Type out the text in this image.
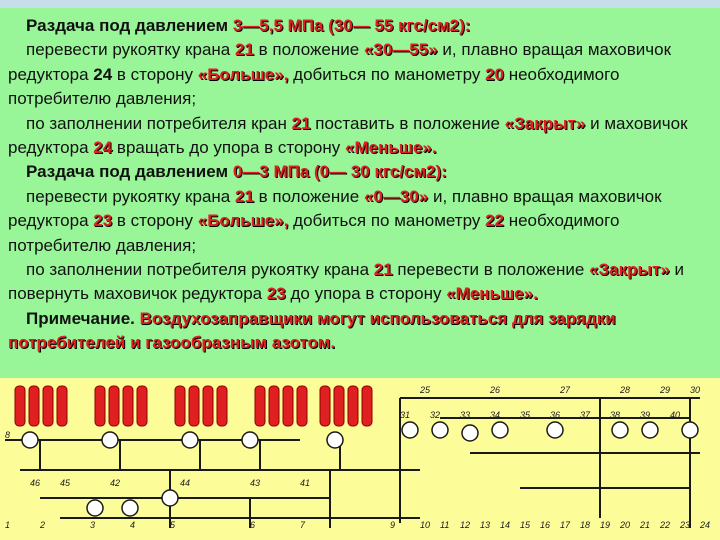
Раздача под давлением 3—5,5 МПа (30— 55 кгс/см2):

перевести рукоятку крана 21 в положение «30—55» и, плавно вращая маховичок редуктора 24 в сторону «Больше», добиться по манометру 20 необходимого потребителю давления;

по заполнении потребителя кран 21 поставить в положение «Закрыт» и маховичок редуктора 24 вращать до упора в сторону «Меньше».

Раздача под давлением 0—3 МПа (0— 30 кгс/см2):

перевести рукоятку крана 21 в положение «0—30» и, плавно вращая маховичок редуктора 23 в сторону «Больше», добиться по манометру 22 необходимого потребителю давления;

по заполнении потребителя рукоятку крана 21 перевести в положение «Закрыт» и повернуть маховичок редуктора 23 до упора в сторону «Меньше».

Примечание. Воздухозаправщики могут использоваться для зарядки потребителей и газообразным азотом.

8
1	2	3	4	5	6	7	9	10 11 12 13 14 15 16 17 18 19 20 21 22 23 24
25	26	27	28	29 30
31 32 33 34 35 36 37 38 39 40
41
42	43
44
45
46
